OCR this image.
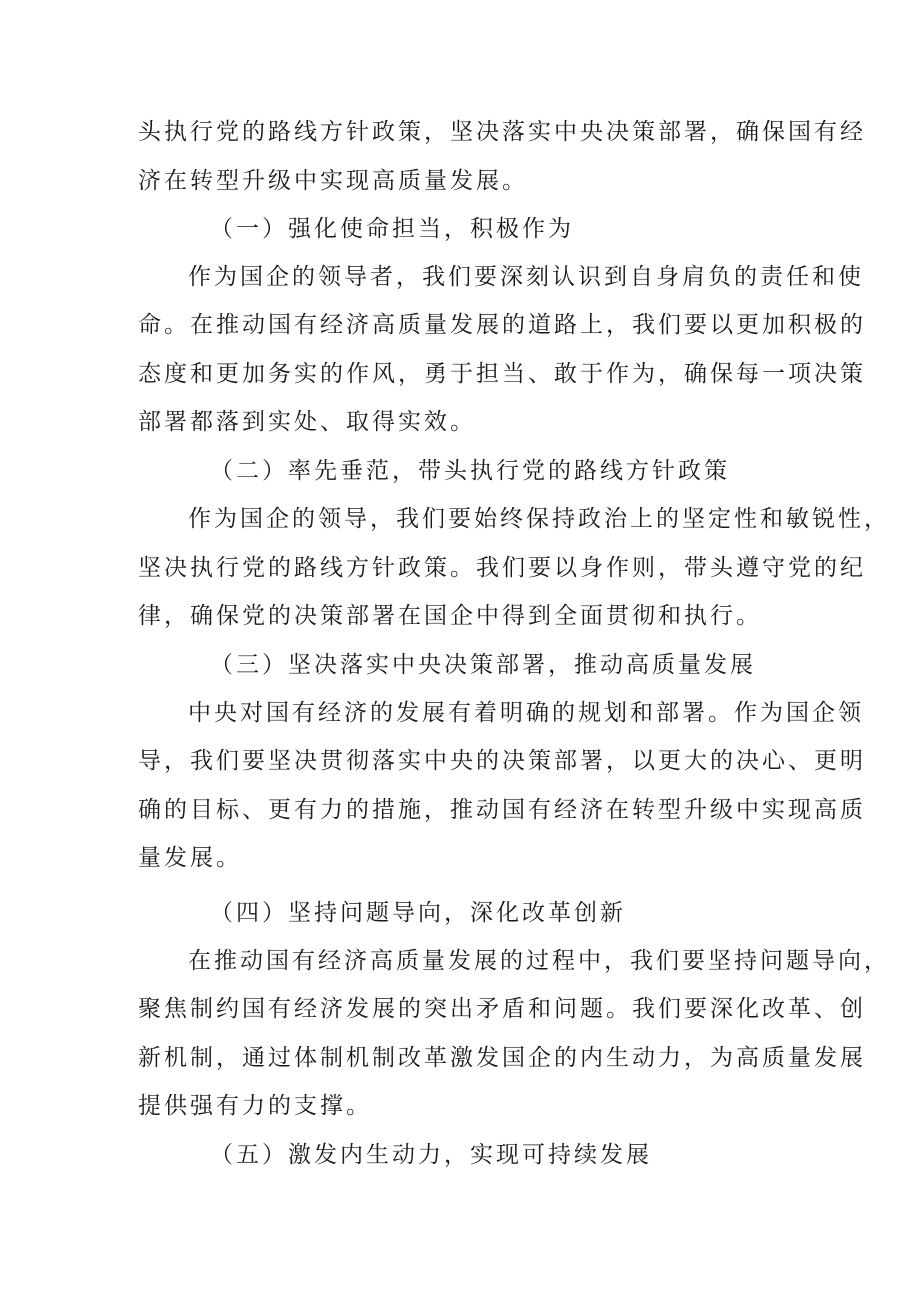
头执行党的路线方针政策，坚决落实中央决策部署，确保国有经
济在转型升级中实现高质量发展。
（一）强化使命担当，积极作为
作为国企的领导者，我们要深刻认识到自身肩负的责任和使
命。在推动国有经济高质量发展的道路上，我们要以更加积极的
态度和更加务实的作风，勇于担当、敢于作为，确保每一项决策
部署都落到实处、取得实效。
（二）率先垂范，带头执行党的路线方针政策
作为国企的领导，我们要始终保持政治上的坚定性和敏锐性，
坚决执行党的路线方针政策。我们要以身作则，带头遵守党的纪
律，确保党的决策部署在国企中得到全面贯彻和执行。
（三）坚决落实中央决策部署，推动高质量发展
中央对国有经济的发展有着明确的规划和部署。作为国企领
导，我们要坚决贯彻落实中央的决策部署，以更大的决心、更明
确的目标、更有力的措施，推动国有经济在转型升级中实现高质
量发展。
（四）坚持问题导向，深化改革创新
在推动国有经济高质量发展的过程中，我们要坚持问题导向，
聚焦制约国有经济发展的突出矛盾和问题。我们要深化改革、创
新机制，通过体制机制改革激发国企的内生动力，为高质量发展
提供强有力的支撑。
（五）激发内生动力，实现可持续发展
